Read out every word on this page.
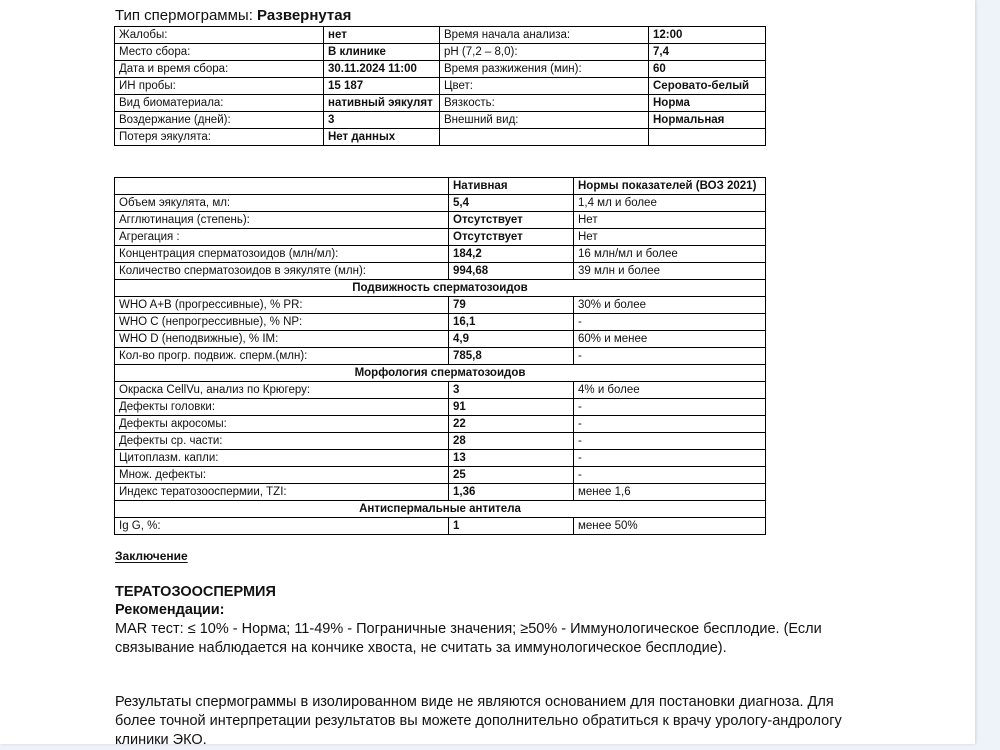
Тип спермограммы: Развернутая
Жалобы:	нет	Время начала анализа:	12:00
Место сбора:	В клинике	pH (7,2 – 8,0):	7,4
Дата и время сбора:	30.11.2024 11:00	Время разжижения (мин):	60
ИН пробы:	15 187	Цвет:	Серовато-белый
Вид биоматериала:	нативный эякулят	Вязкость:	Норма
Воздержание (дней):	3	Внешний вид:	Нормальная
Потеря эякулята:	Нет данных		
	Нативная	Нормы показателей (ВОЗ 2021)
Объем эякулята, мл:	5,4	1,4 мл и более
Агглютинация (степень):	Отсутствует	Нет
Агрегация :	Отсутствует	Нет
Концентрация сперматозоидов (млн/мл):	184,2	16 млн/мл и более
Количество сперматозоидов в эякуляте (млн):	994,68	39 млн и более
Подвижность сперматозоидов		
WHO A+B (прогрессивные), % PR:	79	30% и более
WHO C (непрогрессивные), % NP:	16,1	-
WHO D (неподвижные), % IM:	4,9	60% и менее
Кол-во прогр. подвиж. сперм.(млн):	785,8	-
Морфология сперматозоидов		
Окраска CellVu, анализ по Крюгеру:	3	4% и более
Дефекты головки:	91	-
Дефекты акросомы:	22	-
Дефекты ср. части:	28	-
Цитоплазм. капли:	13	-
Множ. дефекты:	25	-
Индекс тератозооспермии, TZI:	1,36	менее 1,6
Антиспермальные антитела		
Ig G, %:	1	менее 50%
Заключение
ТЕРАТОЗООСПЕРМИЯ
Рекомендации:
MAR тест: ≤ 10% - Норма; 11-49% - Пограничные значения; ≥50% - Иммунологическое бесплодие. (Если связывание наблюдается на кончике хвоста, не считать за иммунологическое бесплодие).
Результаты спермограммы в изолированном виде не являются основанием для постановки диагноза. Для более точной интерпретации результатов вы можете дополнительно обратиться к врачу урологу-андрологу клиники ЭКО.
